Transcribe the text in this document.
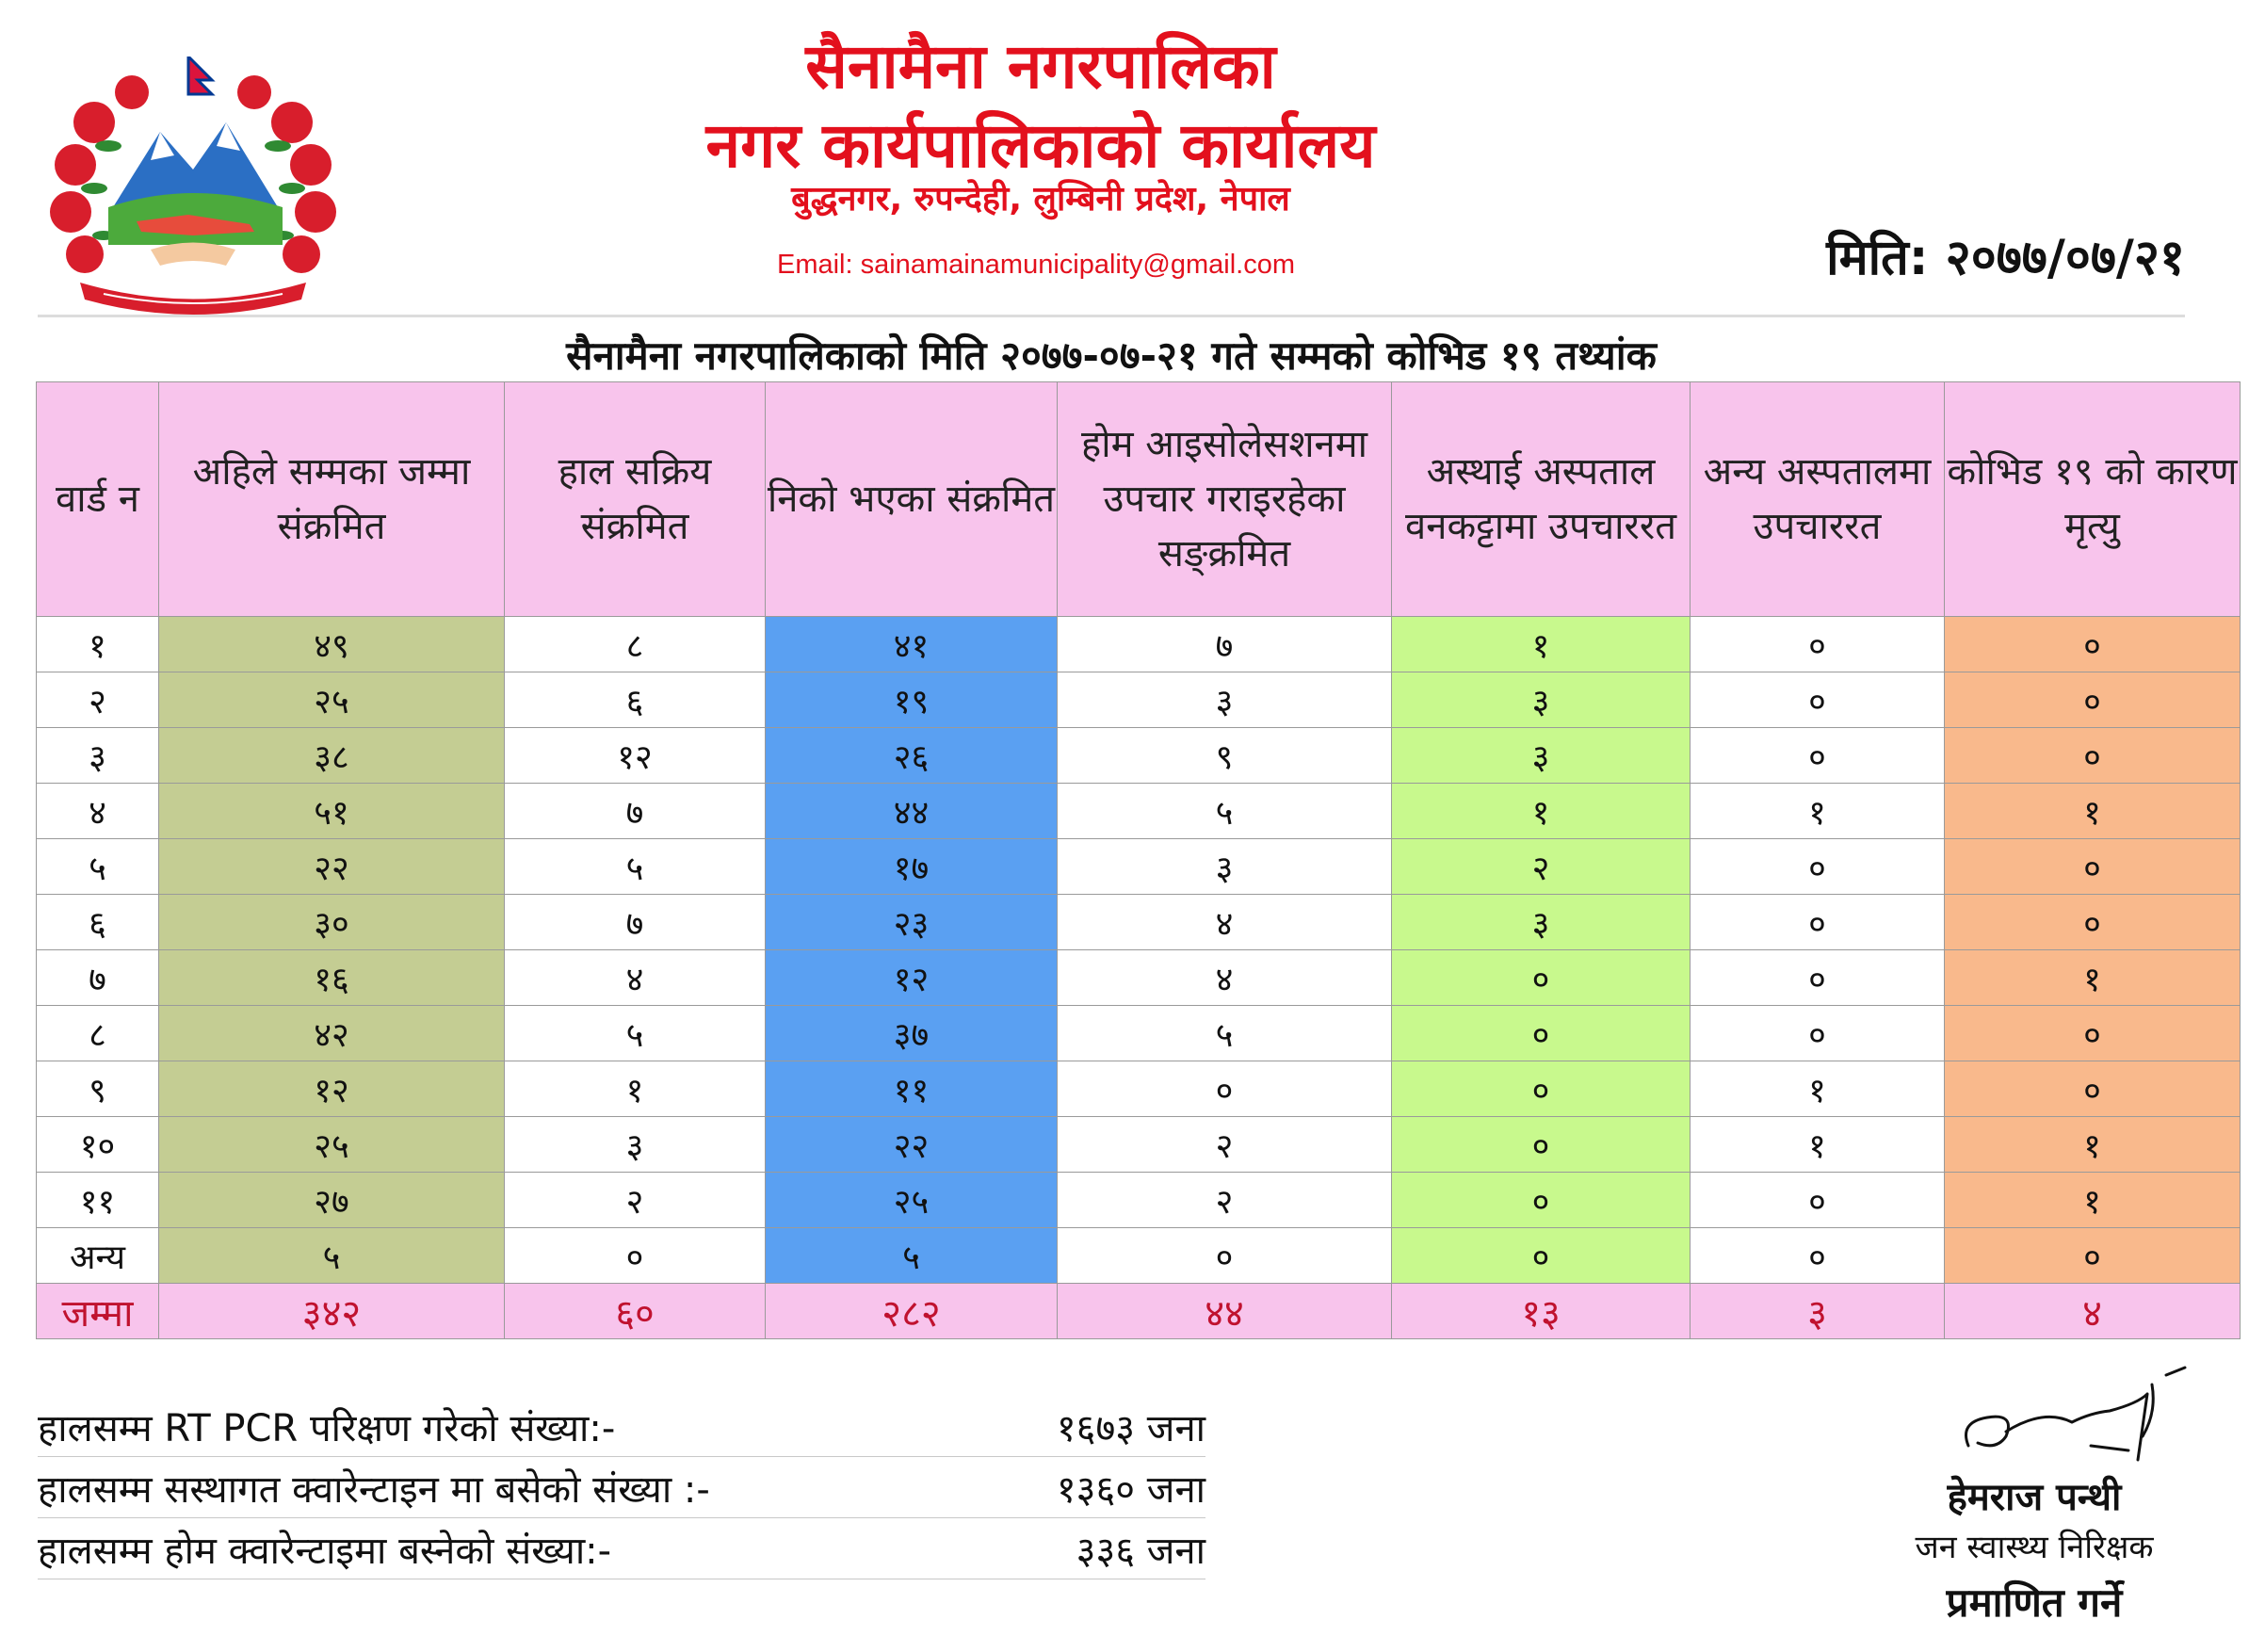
सैनामैना नगरपालिका
नगर कार्यपालिकाको कार्यालय
बुद्धनगर, रुपन्देही, लुम्बिनी प्रदेश, नेपाल
Email: sainamainamunicipality@gmail.com	मिति: २०७७/०७/२१
सैनामैना नगरपालिकाको मिति २०७७-०७-२१ गते सम्मको कोभिड १९ तथ्यांक
वार्ड न	अहिले सम्मका जम्मा संक्रमित	हाल सक्रिय संक्रमित	निको भएका संक्रमित	होम आइसोलेसशनमा उपचार गराइरहेका सङ्क्रमित	अस्थाई अस्पताल वनकट्टामा उपचाररत	अन्य अस्पतालमा उपचाररत	कोभिड १९ को कारण मृत्यु
१	४९	८	४१	७	१	०	०
२	२५	६	१९	३	३	०	०
३	३८	१२	२६	९	३	०	०
४	५१	७	४४	५	१	१	१
५	२२	५	१७	३	२	०	०
६	३०	७	२३	४	३	०	०
७	१६	४	१२	४	०	०	१
८	४२	५	३७	५	०	०	०
९	१२	१	११	०	०	१	०
१०	२५	३	२२	२	०	१	१
११	२७	२	२५	२	०	०	१
अन्य	५	०	५	०	०	०	०
जम्मा	३४२	६०	२८२	४४	१३	३	४
हालसम्म RT PCR परिक्षण गरेको संख्या:-	१६७३ जना
हालसम्म सस्थागत क्वारेन्टाइन मा बसेको संख्या :-	१३६० जना
हालसम्म होम क्वारेन्टाइमा बस्नेको संख्या:-	३३६ जना
हेमराज पन्थी
जन स्वास्थ्य निरिक्षक
प्रमाणित गर्ने
